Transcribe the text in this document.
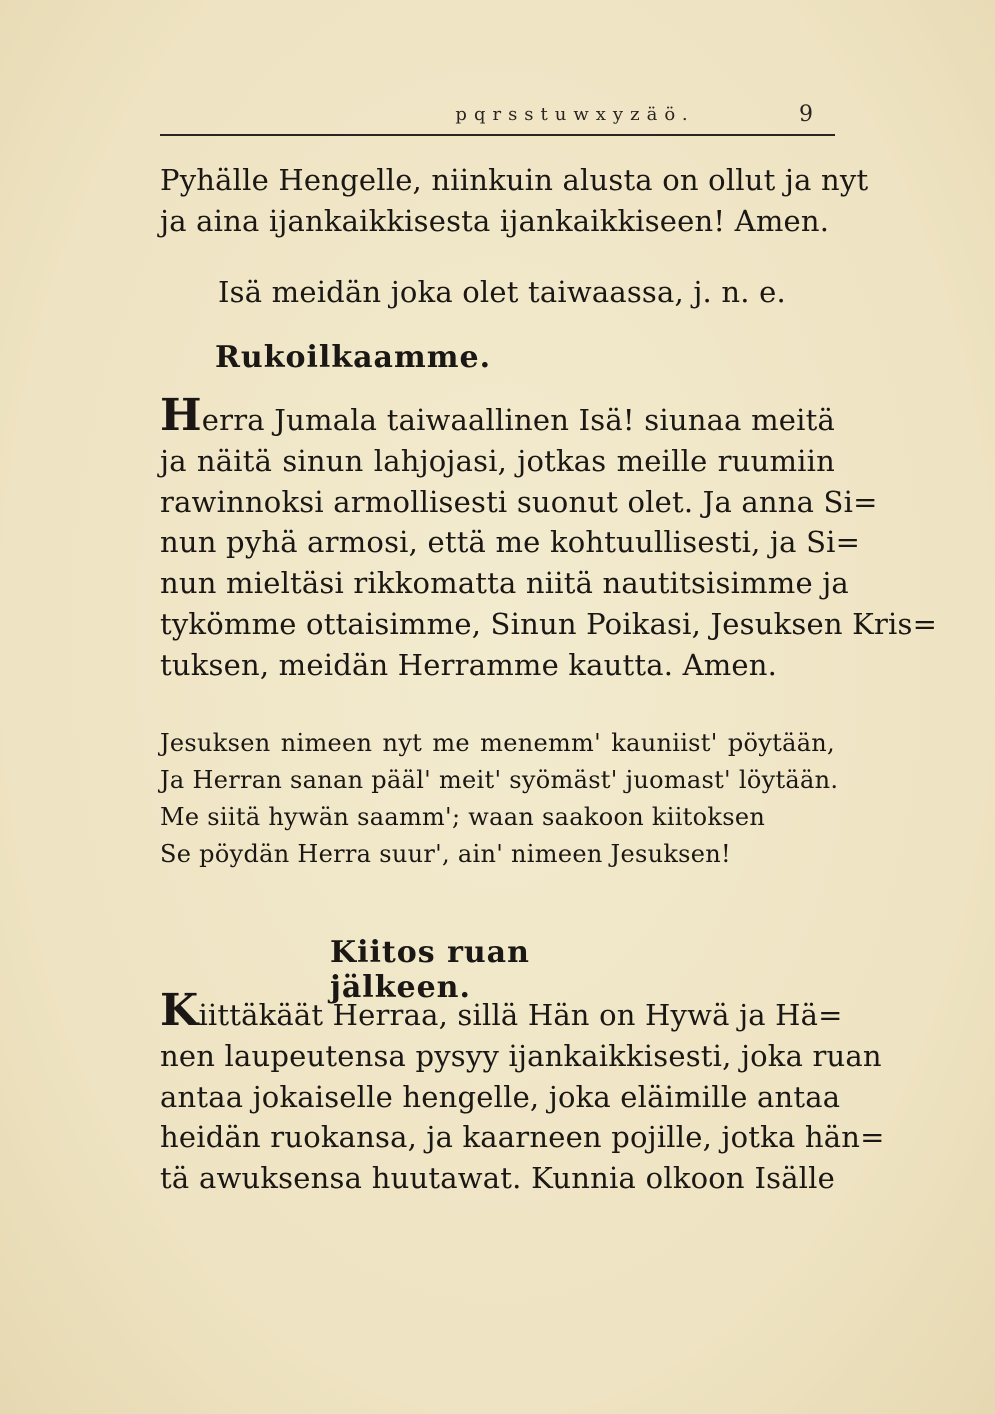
pqrsstuwxyzäö.	9
Pyhälle Hengelle, niinkuin alusta on ollut ja nyt
ja aina ijankaikkisesta ijankaikkiseen! Amen.
Isä meidän joka olet taiwaassa, j. n. e.
Rukoilkaamme.
Herra Jumala taiwaallinen Isä! siunaa meitä
ja näitä sinun lahjojasi, jotkas meille ruumiin
rawinnoksi armollisesti suonut olet. Ja anna Si=
nun pyhä armosi, että me kohtuullisesti, ja Si=
nun mieltäsi rikkomatta niitä nautitsisimme ja
tykömme ottaisimme, Sinun Poikasi, Jesuksen Kris=
tuksen, meidän Herramme kautta. Amen.
Jesuksen nimeen nyt me menemm' kauniist' pöytään,
Ja Herran sanan pääl' meit' syömäst' juomast' löytään.
Me siitä hywän saamm'; waan saakoon kiitoksen
Se pöydän Herra suur', ain' nimeen Jesuksen!
Kiitos ruan jälkeen.
Kiittäkäät Herraa, sillä Hän on Hywä ja Hä=
nen laupeutensa pysyy ijankaikkisesti, joka ruan
antaa jokaiselle hengelle, joka eläimille antaa
heidän ruokansa, ja kaarneen pojille, jotka hän=
tä awuksensa huutawat. Kunnia olkoon Isälle
